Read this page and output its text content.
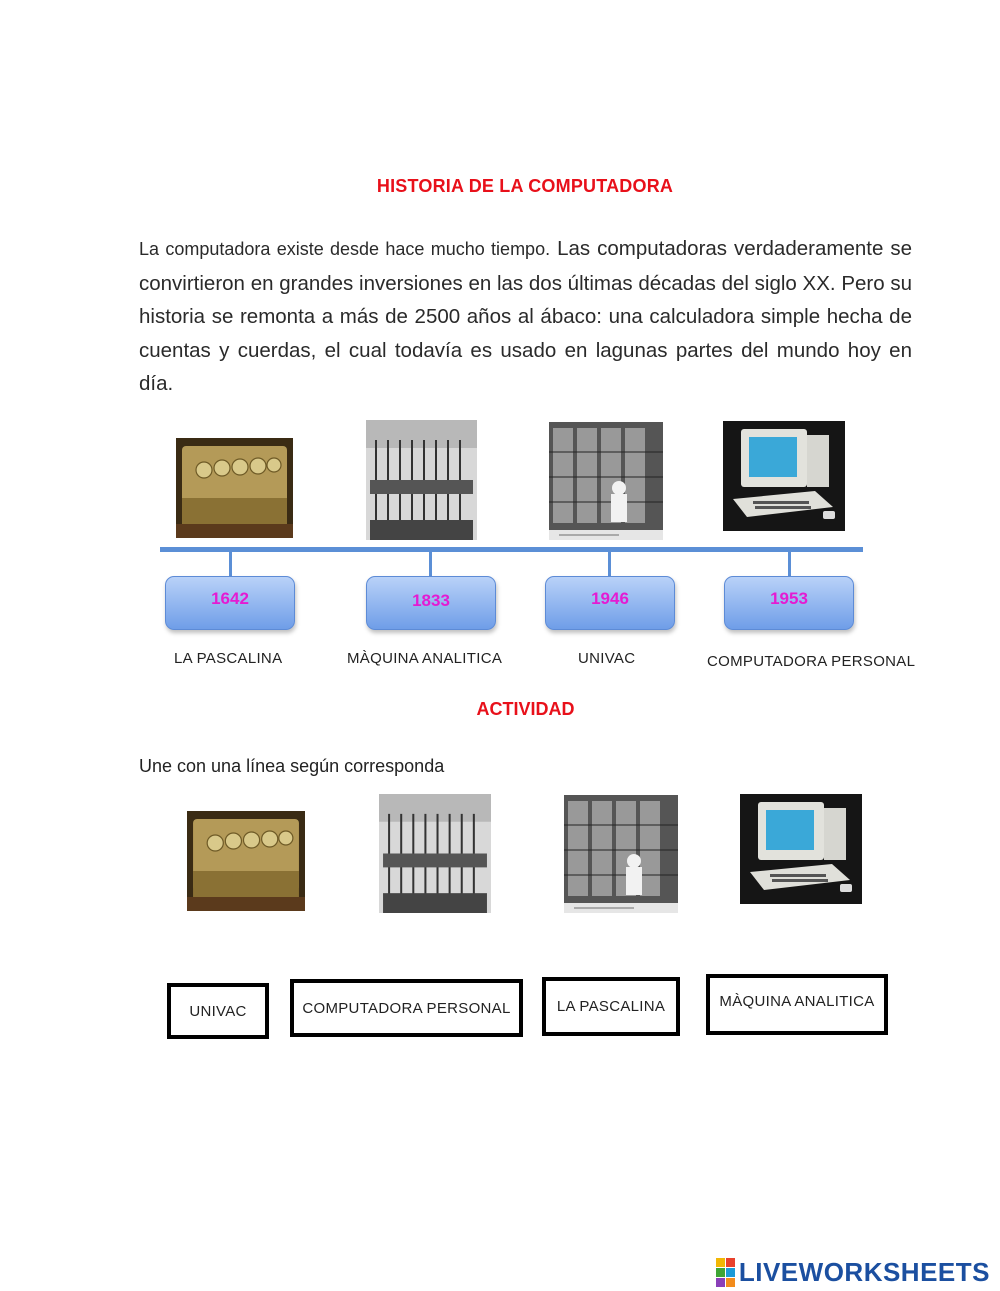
HISTORIA DE LA COMPUTADORA
La computadora existe desde hace mucho tiempo. Las computadoras verdaderamente se convirtieron en grandes inversiones en las dos últimas décadas del siglo XX. Pero su historia se remonta a más de 2500 años al ábaco: una calculadora simple hecha de cuentas y cuerdas, el cual todavía es usado en lagunas partes del mundo hoy en día.
1642	1833	1946	1953
LA PASCALINA	MÀQUINA ANALITICA	UNIVAC	COMPUTADORA PERSONAL
ACTIVIDAD
Une con una línea según corresponda
UNIVAC	COMPUTADORA PERSONAL	LA PASCALINA	MÀQUINA ANALITICA
LIVEWORKSHEETS
